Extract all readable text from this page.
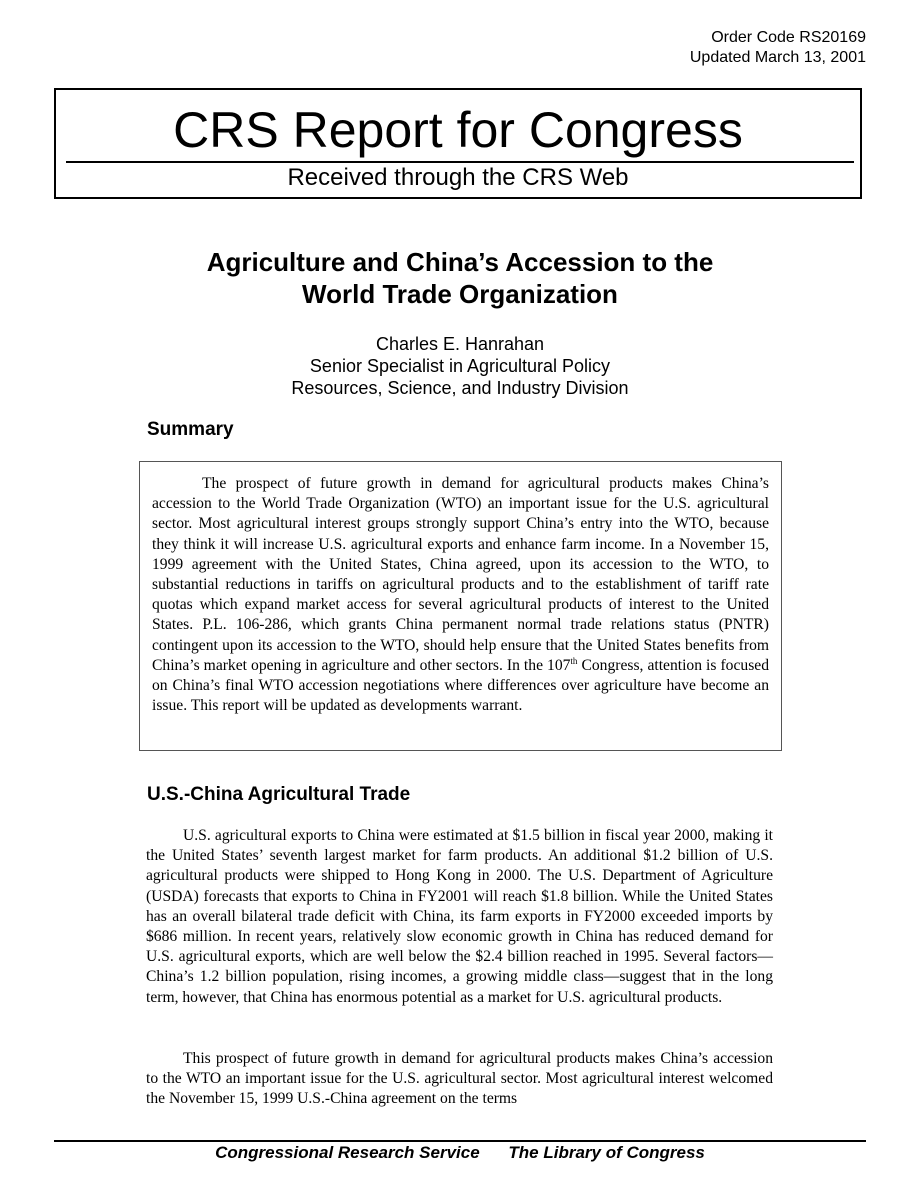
Order Code RS20169
Updated March 13, 2001
CRS Report for Congress
Received through the CRS Web
Agriculture and China’s Accession to the
World Trade Organization
Charles E. Hanrahan
Senior Specialist in Agricultural Policy
Resources, Science, and Industry Division
Summary

The prospect of future growth in demand for agricultural products makes China’s accession to the World Trade Organization (WTO) an important issue for the U.S. agricultural sector. Most agricultural interest groups strongly support China’s entry into the WTO, because they think it will increase U.S. agricultural exports and enhance farm income. In a November 15, 1999 agreement with the United States, China agreed, upon its accession to the WTO, to substantial reductions in tariffs on agricultural products and to the establishment of tariff rate quotas which expand market access for several agricultural products of interest to the United States. P.L. 106-286, which grants China permanent normal trade relations status (PNTR) contingent upon its accession to the WTO, should help ensure that the United States benefits from China’s market opening in agriculture and other sectors. In the 107th Congress, attention is focused on China’s final WTO accession negotiations where differences over agriculture have become an issue. This report will be updated as developments warrant.

U.S.-China Agricultural Trade

U.S. agricultural exports to China were estimated at $1.5 billion in fiscal year 2000, making it the United States’ seventh largest market for farm products. An additional $1.2 billion of U.S. agricultural products were shipped to Hong Kong in 2000. The U.S. Department of Agriculture (USDA) forecasts that exports to China in FY2001 will reach $1.8 billion. While the United States has an overall bilateral trade deficit with China, its farm exports in FY2000 exceeded imports by $686 million. In recent years, relatively slow economic growth in China has reduced demand for U.S. agricultural exports, which are well below the $2.4 billion reached in 1995. Several factors—China’s 1.2 billion population, rising incomes, a growing middle class—suggest that in the long term, however, that China has enormous potential as a market for U.S. agricultural products.

This prospect of future growth in demand for agricultural products makes China’s accession to the WTO an important issue for the U.S. agricultural sector. Most agricultural interest welcomed the November 15, 1999 U.S.-China agreement on the terms

Congressional Research Service The Library of Congress
